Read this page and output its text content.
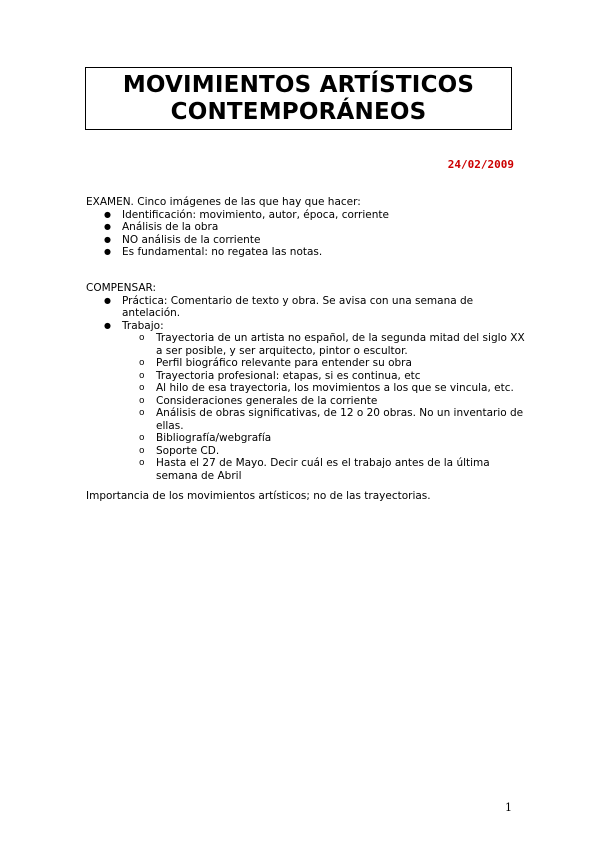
MOVIMIENTOS ARTÍSTICOS
CONTEMPORÁNEOS
24/02/2009

EXAMEN. Cinco imágenes de las que hay que hacer:

● Identificación: movimiento, autor, época, corriente
● Análisis de la obra
● NO análisis de la corriente
● Es fundamental: no regatea las notas.

COMPENSAR:

● Práctica: Comentario de texto y obra. Se avisa con una semana de antelación.
● Trabajo:
o Trayectoria de un artista no español, de la segunda mitad del siglo XX a ser posible, y ser arquitecto, pintor o escultor.
o Perfil biográfico relevante para entender su obra
o Trayectoria profesional: etapas, si es continua, etc
o Al hilo de esa trayectoria, los movimientos a los que se vincula, etc.
o Consideraciones generales de la corriente
o Análisis de obras significativas, de 12 o 20 obras. No un inventario de ellas.
o Bibliografía/webgrafía
o Soporte CD.
o Hasta el 27 de Mayo. Decir cuál es el trabajo antes de la última semana de Abril
Importancia de los movimientos artísticos; no de las trayectorias.
1
